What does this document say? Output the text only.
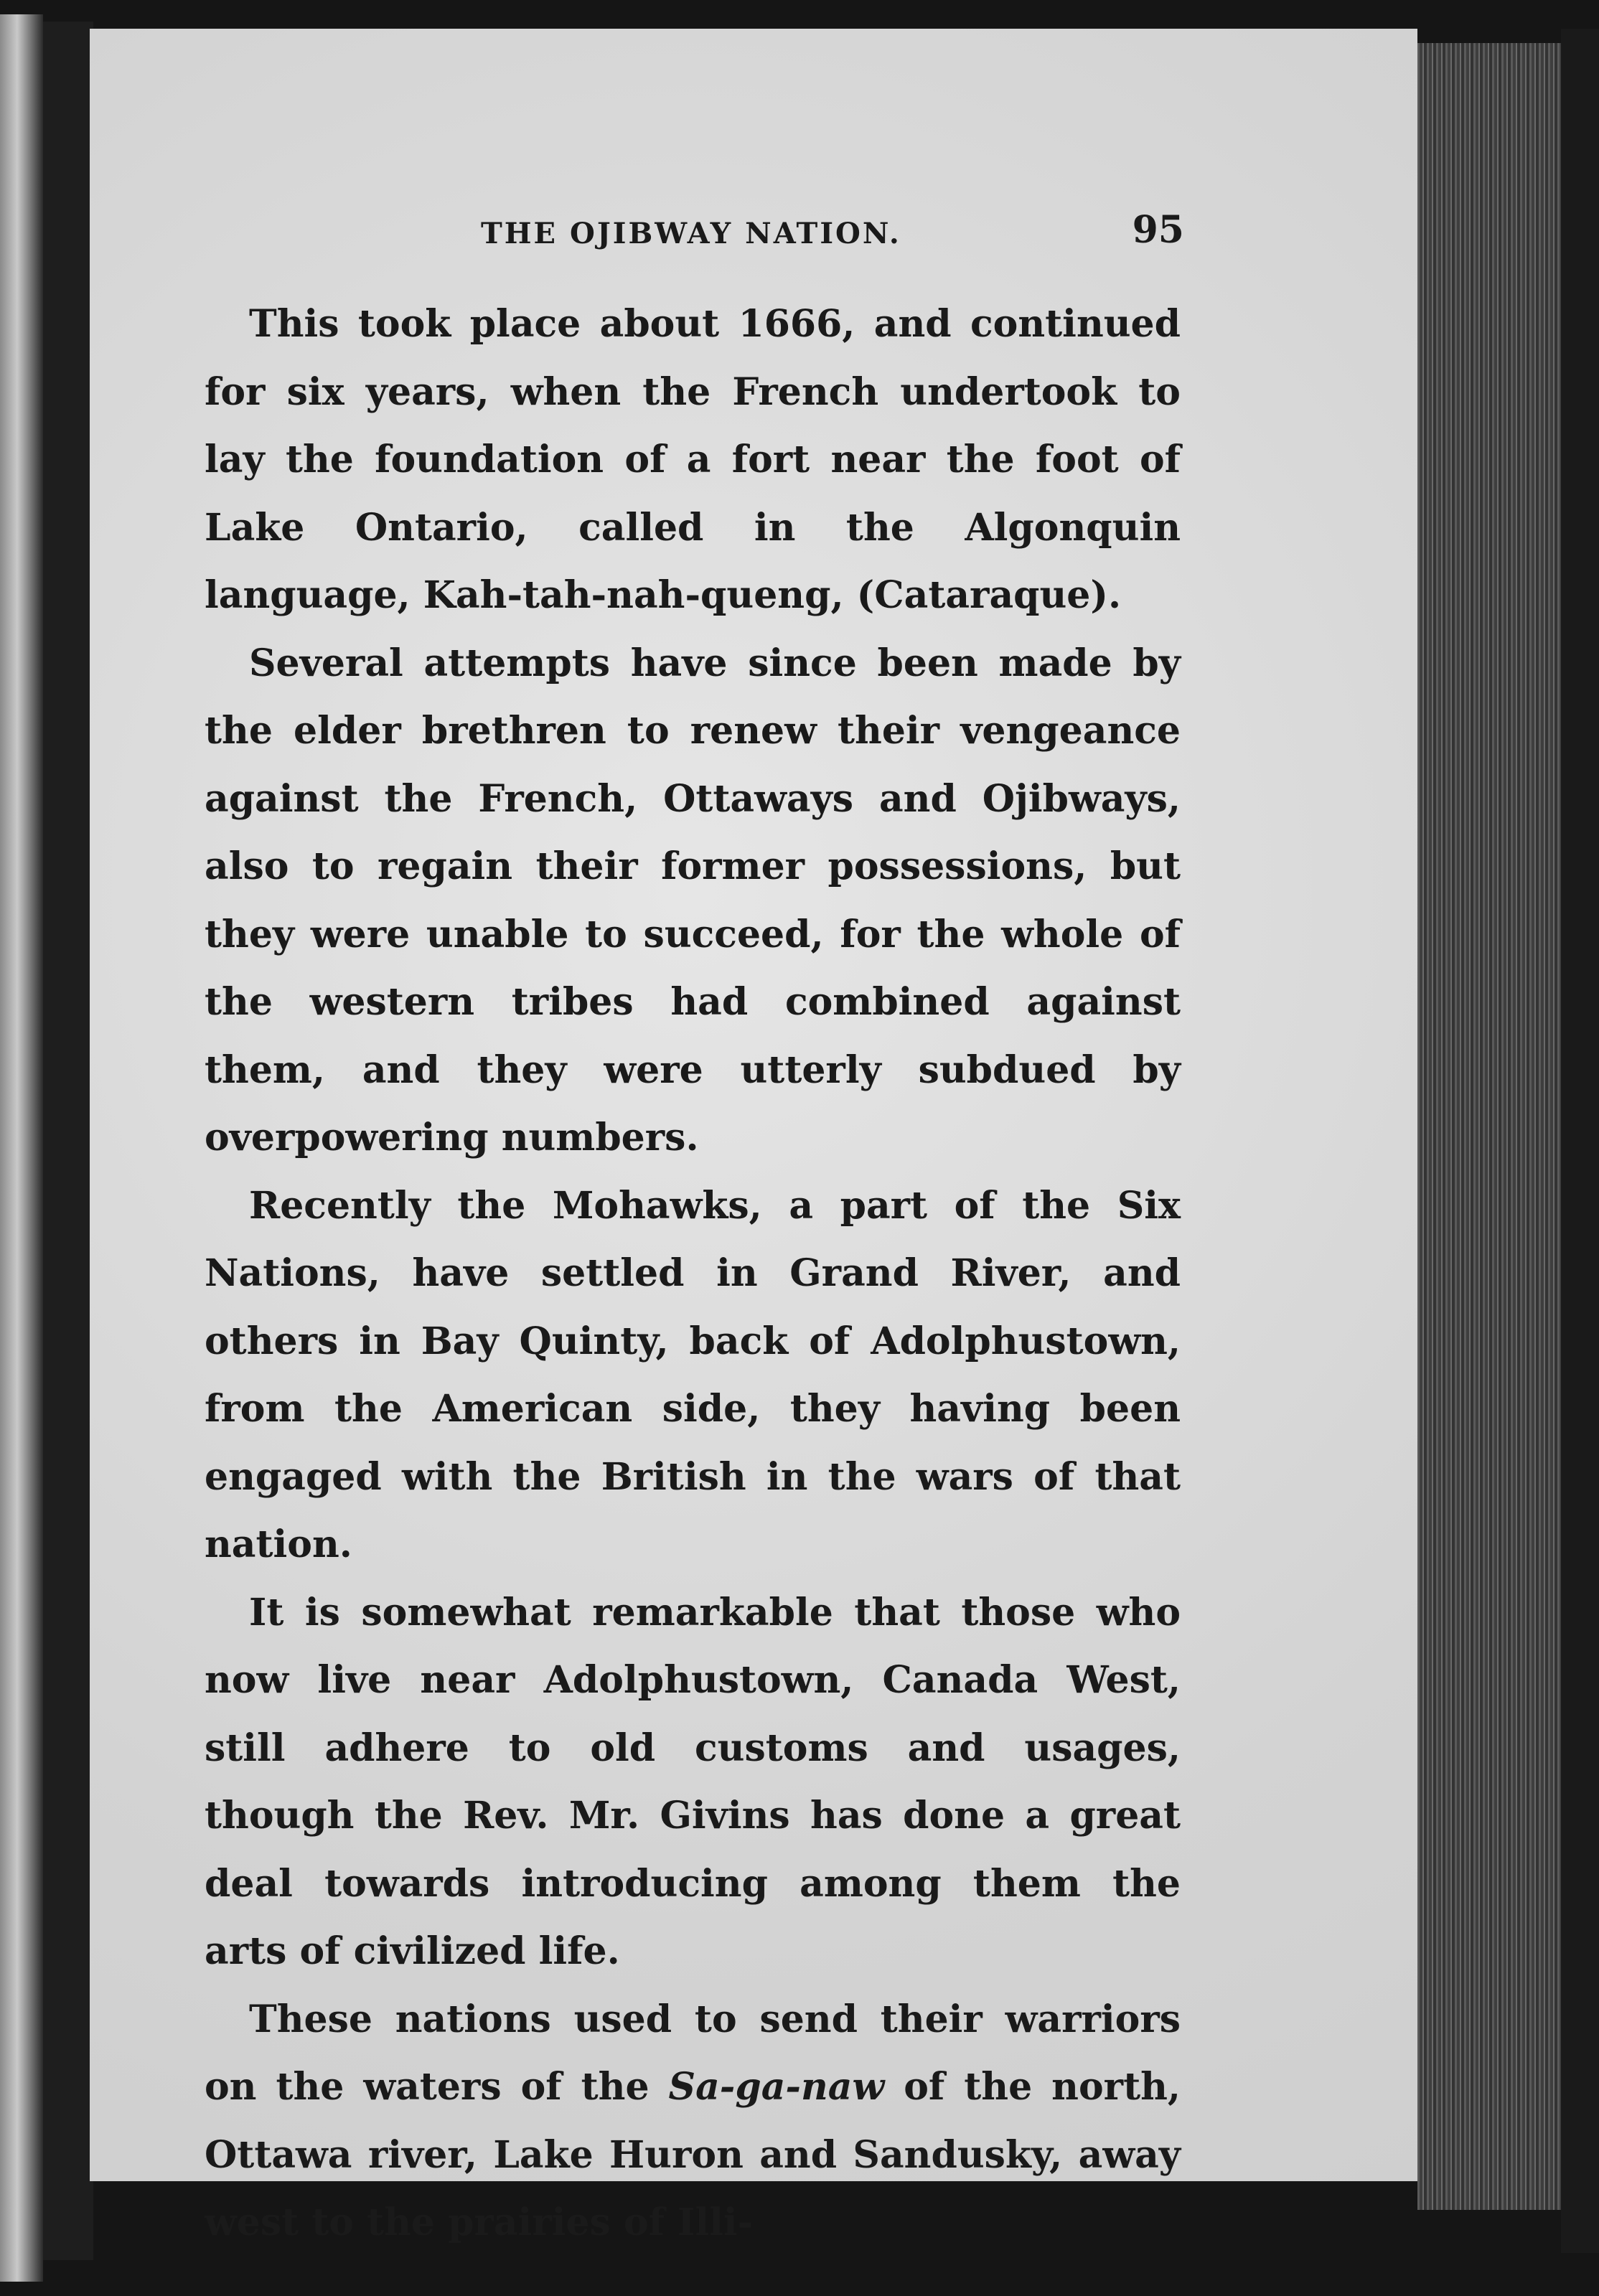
THE OJIBWAY NATION.	95

This took place about 1666, and continued for six years, when the French undertook to lay the foundation of a fort near the foot of Lake Ontario, called in the Algonquin language, Kah-tah-nah-queng, (Cataraque).

Several attempts have since been made by the elder brethren to renew their vengeance against the French, Ottaways and Ojibways, also to regain their former possessions, but they were unable to succeed, for the whole of the western tribes had combined against them, and they were utterly subdued by overpowering numbers.

Recently the Mohawks, a part of the Six Nations, have settled in Grand River, and others in Bay Quinty, back of Adolphustown, from the American side, they having been engaged with the British in the wars of that nation.

It is somewhat remarkable that those who now live near Adolphustown, Canada West, still adhere to old customs and usages, though the Rev. Mr. Givins has done a great deal towards introducing among them the arts of civilized life.

These nations used to send their warriors on the waters of the Sa-ga-naw of the north, Ottawa river, Lake Huron and Sandusky, away west to the prairies of Illi-
